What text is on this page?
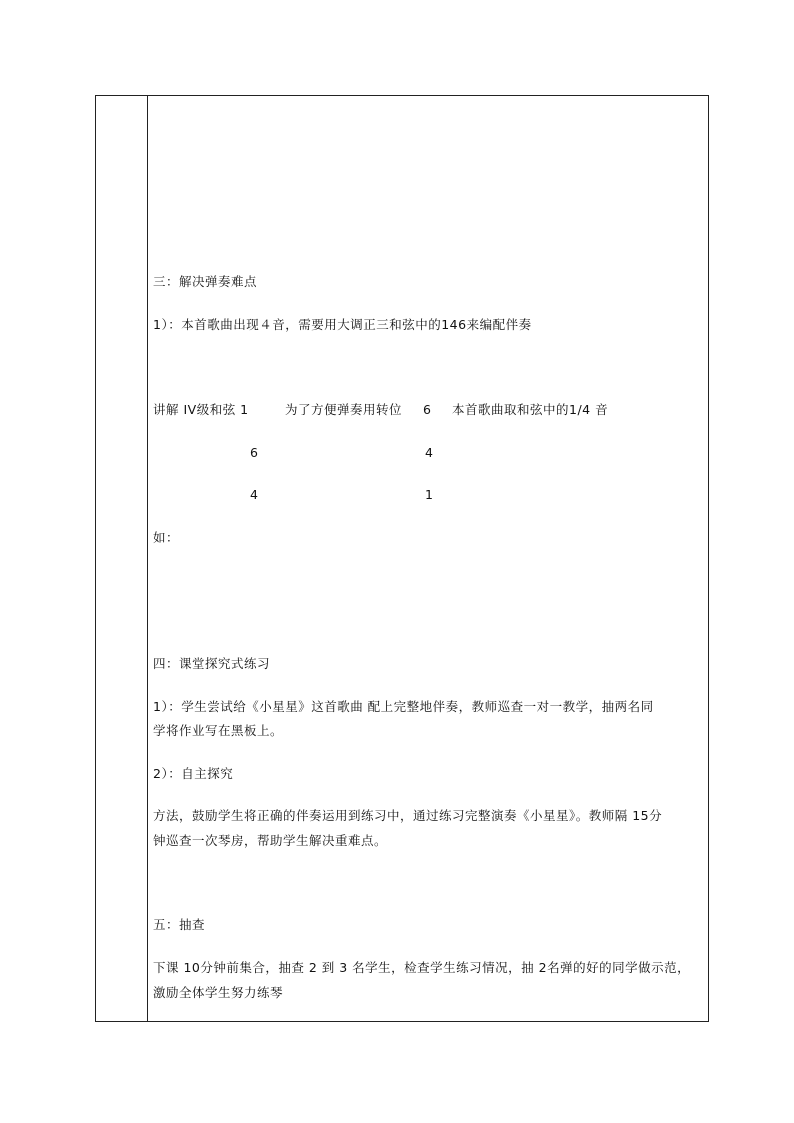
三：解决弹奏难点
1）：本首歌曲出现４音，需要用大调正三和弦中的146来编配伴奏
讲解 IV级和弦 1	为了方便弹奏用转位 6 本首歌曲取和弦中的1/4 音
6	4
4	1
如：
四：课堂探究式练习
1）：学生尝试给《小星星》这首歌曲 配上完整地伴奏，教师巡查一对一教学，抽两名同
学将作业写在黑板上。
2）：自主探究
方法，鼓励学生将正确的伴奏运用到练习中，通过练习完整演奏《小星星》。教师隔 15分
钟巡查一次琴房，帮助学生解决重难点。
五：抽查
下课 10分钟前集合，抽查 2 到 3 名学生，检查学生练习情况，抽 2名弹的好的同学做示范，
激励全体学生努力练琴
